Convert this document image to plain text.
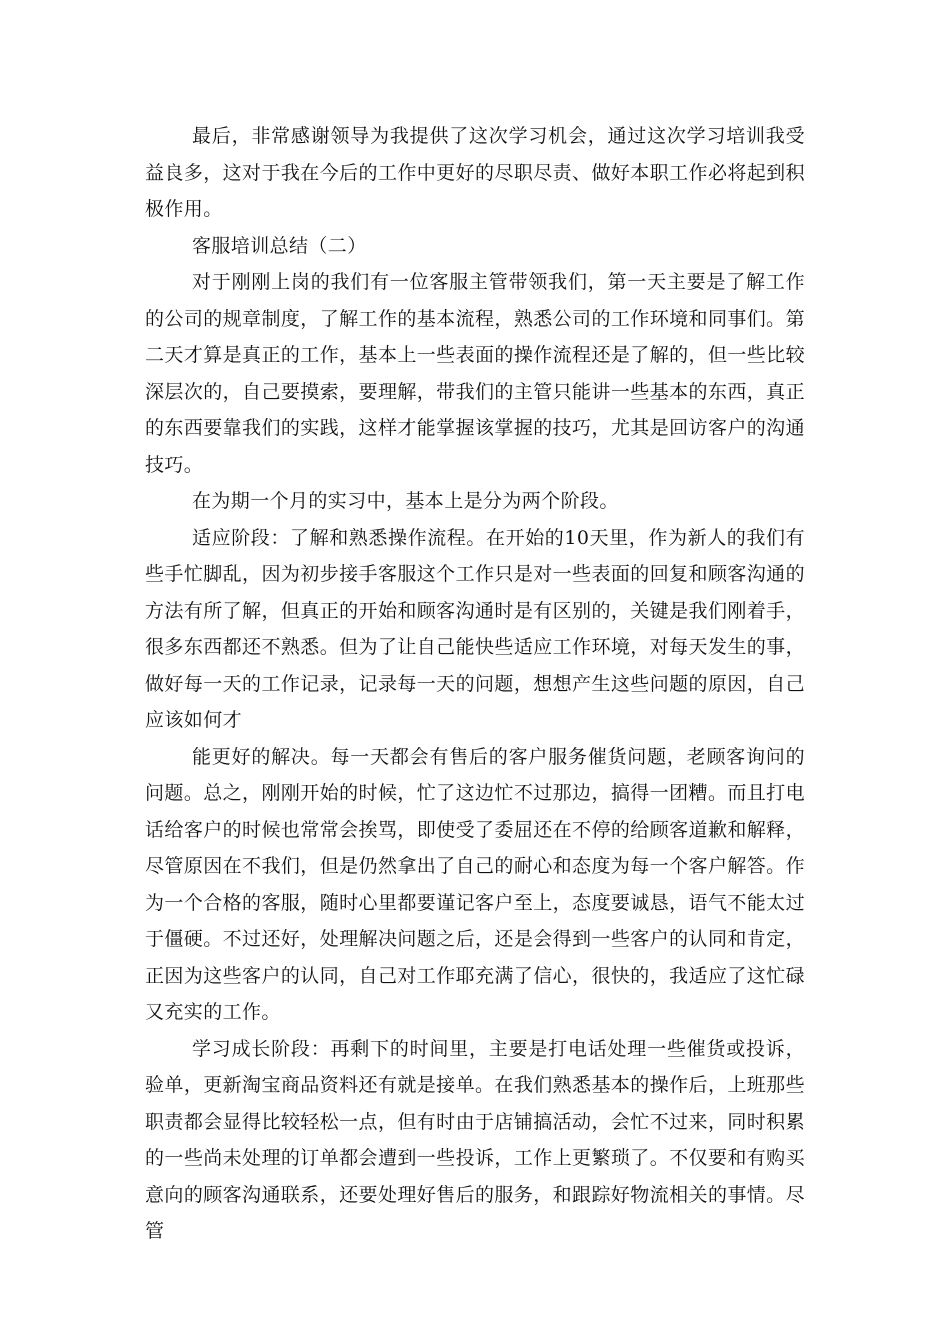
最后，非常感谢领导为我提供了这次学习机会，通过这次学习培训我受益良多，这对于我在今后的工作中更好的尽职尽责、做好本职工作必将起到积极作用。

客服培训总结（二）

对于刚刚上岗的我们有一位客服主管带领我们，第一天主要是了解工作的公司的规章制度，了解工作的基本流程，熟悉公司的工作环境和同事们。第二天才算是真正的工作，基本上一些表面的操作流程还是了解的，但一些比较深层次的，自己要摸索，要理解，带我们的主管只能讲一些基本的东西，真正的东西要靠我们的实践，这样才能掌握该掌握的技巧，尤其是回访客户的沟通技巧。

在为期一个月的实习中，基本上是分为两个阶段。

适应阶段：了解和熟悉操作流程。在开始的10天里，作为新人的我们有些手忙脚乱，因为初步接手客服这个工作只是对一些表面的回复和顾客沟通的方法有所了解，但真正的开始和顾客沟通时是有区别的，关键是我们刚着手，很多东西都还不熟悉。但为了让自己能快些适应工作环境，对每天发生的事，做好每一天的工作记录，记录每一天的问题，想想产生这些问题的原因，自己应该如何才

能更好的解决。每一天都会有售后的客户服务催货问题，老顾客询问的问题。总之，刚刚开始的时候，忙了这边忙不过那边，搞得一团糟。而且打电话给客户的时候也常常会挨骂，即使受了委屈还在不停的给顾客道歉和解释，尽管原因在不我们，但是仍然拿出了自己的耐心和态度为每一个客户解答。作为一个合格的客服，随时心里都要谨记客户至上，态度要诚恳，语气不能太过于僵硬。不过还好，处理解决问题之后，还是会得到一些客户的认同和肯定，正因为这些客户的认同，自己对工作耶充满了信心，很快的，我适应了这忙碌又充实的工作。

学习成长阶段：再剩下的时间里，主要是打电话处理一些催货或投诉，验单，更新淘宝商品资料还有就是接单。在我们熟悉基本的操作后，上班那些职责都会显得比较轻松一点，但有时由于店铺搞活动，会忙不过来，同时积累的一些尚未处理的订单都会遭到一些投诉，工作上更繁琐了。不仅要和有购买意向的顾客沟通联系，还要处理好售后的服务，和跟踪好物流相关的事情。尽管
